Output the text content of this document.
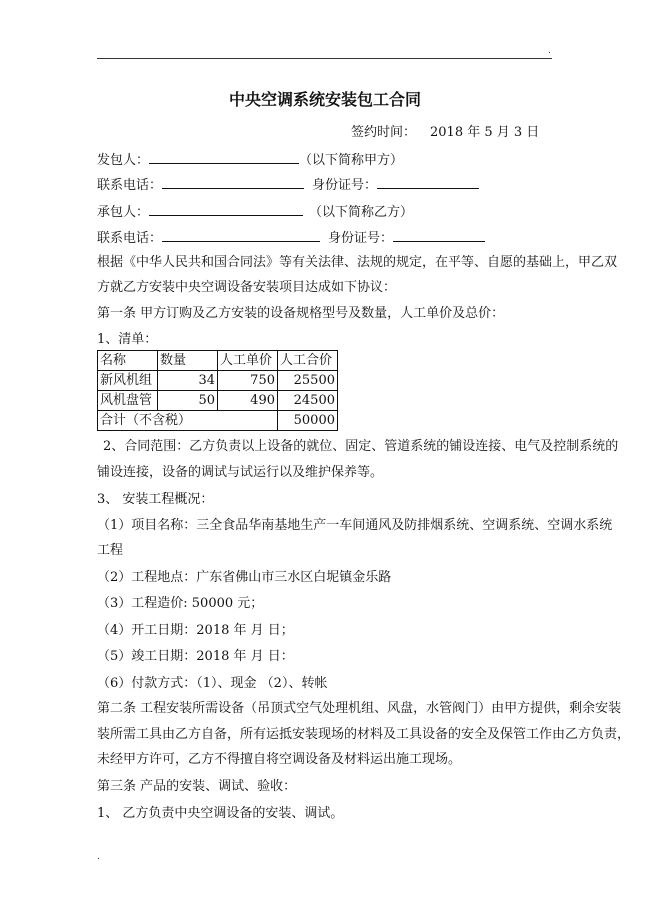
.
中央空调系统安装包工合同
签约时间： 2018 年 5 月 3 日
发包人：	（以下简称甲方）
联系电话：	身份证号：
承包人：	（以下简称乙方）
联系电话：	身份证号：
根据《中华人民共和国合同法》等有关法律、法规的规定，在平等、自愿的基础上，甲乙双
方就乙方安装中央空调设备安装项目达成如下协议：
第一条 甲方订购及乙方安装的设备规格型号及数量，人工单价及总价：
1、清单：
名称	数量	人工单价	人工合价
新风机组	34	750	25500
风机盘管	50	490	24500
合计（不含税）			50000
2、合同范围：乙方负责以上设备的就位、固定、管道系统的铺设连接、电气及控制系统的
铺设连接，设备的调试与试运行以及维护保养等。
3、 安装工程概况：
（1）项目名称：三全食品华南基地生产一车间通风及防排烟系统、空调系统、空调水系统
工程
（2）工程地点：广东省佛山市三水区白坭镇金乐路
（3）工程造价: 50000 元；
（4）开工日期：2018 年 月 日；
（5）竣工日期：2018 年 月 日：
（6）付款方式：（1）、现金 （2）、转帐
第二条 工程安装所需设备（吊顶式空气处理机组、风盘，水管阀门）由甲方提供，剩余安装
装所需工具由乙方自备，所有运抵安装现场的材料及工具设备的安全及保管工作由乙方负责，
未经甲方许可，乙方不得擅自将空调设备及材料运出施工现场。
第三条 产品的安装、调试、验收：
1、 乙方负责中央空调设备的安装、调试。
.
